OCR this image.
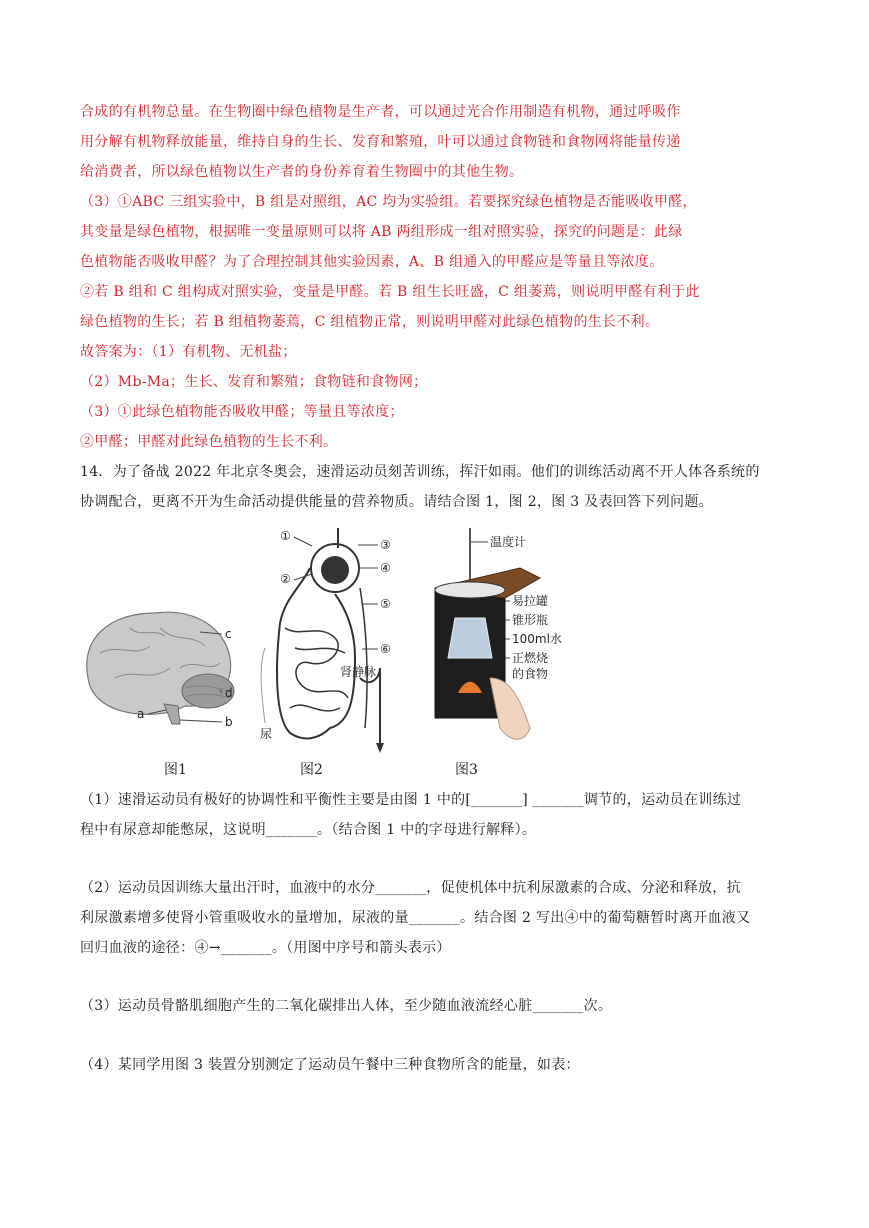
合成的有机物总量。在生物圈中绿色植物是生产者，可以通过光合作用制造有机物，通过呼吸作
用分解有机物释放能量，维持自身的生长、发育和繁殖，叶可以通过食物链和食物网将能量传递
给消费者，所以绿色植物以生产者的身份养育着生物圈中的其他生物。
（3）①ABC 三组实验中，B 组是对照组，AC 均为实验组。若要探究绿色植物是否能吸收甲醛，
其变量是绿色植物，根据唯一变量原则可以将 AB 两组形成一组对照实验，探究的问题是：此绿
色植物能否吸收甲醛？为了合理控制其他实验因素，A、B 组通入的甲醛应是等量且等浓度。
②若 B 组和 C 组构成对照实验，变量是甲醛。若 B 组生长旺盛，C 组萎蔫，则说明甲醛有利于此
绿色植物的生长；若 B 组植物萎蔫，C 组植物正常，则说明甲醛对此绿色植物的生长不利。
故答案为：（1）有机物、无机盐；
（2）Mb-Ma；生长、发育和繁殖；食物链和食物网；
（3）①此绿色植物能否吸收甲醛；等量且等浓度；
②甲醛；甲醛对此绿色植物的生长不利。
14．为了备战 2022 年北京冬奥会，速滑运动员刻苦训练，挥汗如雨。他们的训练活动离不开人体各系统的
协调配合，更离不开为生命活动提供能量的营养物质。请结合图 1，图 2，图 3 及表回答下列问题。
c
d
a
b
①
②
③
④
⑤
⑥
肾静脉
尿
温度计
易拉罐
锥形瓶
100ml水
正燃烧
的食物
图1	图2	图3
（1）速滑运动员有极好的协调性和平衡性主要是由图 1 中的[_______] _______调节的，运动员在训练过
程中有尿意却能憋尿，这说明_______。（结合图 1 中的字母进行解释）。
（2）运动员因训练大量出汗时，血液中的水分_______，促使机体中抗利尿激素的合成、分泌和释放，抗
利尿激素增多使肾小管重吸收水的量增加，尿液的量_______。结合图 2 写出④中的葡萄糖暂时离开血液又
回归血液的途径：④→_______。（用图中序号和箭头表示）
（3）运动员骨骼肌细胞产生的二氧化碳排出人体，至少随血液流经心脏_______次。
（4）某同学用图 3 装置分别测定了运动员午餐中三种食物所含的能量，如表：
